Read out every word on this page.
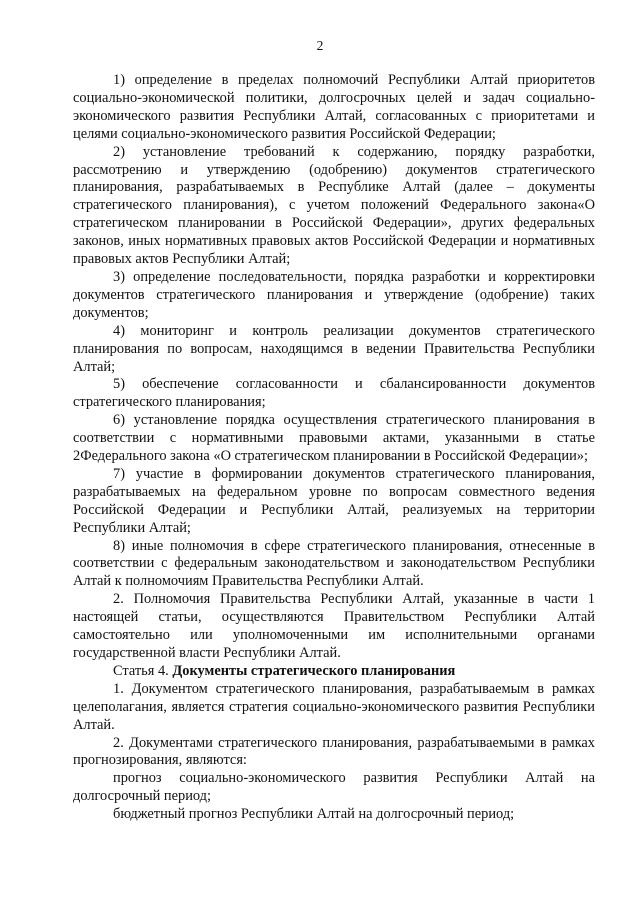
2

1) определение в пределах полномочий Республики Алтай приоритетов социально-экономической политики, долгосрочных целей и задач социально-экономического развития Республики Алтай, согласованных с приоритетами и целями социально-экономического развития Российской Федерации;

2) установление требований к содержанию, порядку разработки, рассмотрению и утверждению (одобрению) документов стратегического планирования, разрабатываемых в Республике Алтай (далее – документы стратегического планирования), с учетом положений Федерального закона«О стратегическом планировании в Российской Федерации», других федеральных законов, иных нормативных правовых актов Российской Федерации и нормативных правовых актов Республики Алтай;

3) определение последовательности, порядка разработки и корректировки документов стратегического планирования и утверждение (одобрение) таких документов;

4) мониторинг и контроль реализации документов стратегического планирования по вопросам, находящимся в ведении Правительства Республики Алтай;

5) обеспечение согласованности и сбалансированности документов стратегического планирования;

6) установление порядка осуществления стратегического планирования в соответствии с нормативными правовыми актами, указанными в статье 2Федерального закона «О стратегическом планировании в Российской Федерации»;

7) участие в формировании документов стратегического планирования, разрабатываемых на федеральном уровне по вопросам совместного ведения Российской Федерации и Республики Алтай, реализуемых на территории Республики Алтай;

8) иные полномочия в сфере стратегического планирования, отнесенные в соответствии с федеральным законодательством и законодательством Республики Алтай к полномочиям Правительства Республики Алтай.

2. Полномочия Правительства Республики Алтай, указанные в части 1 настоящей статьи, осуществляются Правительством Республики Алтай самостоятельно или уполномоченными им исполнительными органами государственной власти Республики Алтай.

Статья 4. Документы стратегического планирования

1. Документом стратегического планирования, разрабатываемым в рамках целеполагания, является стратегия социально-экономического развития Республики Алтай.

2. Документами стратегического планирования, разрабатываемыми в рамках прогнозирования, являются:

прогноз социально-экономического развития Республики Алтай на долгосрочный период;

бюджетный прогноз Республики Алтай на долгосрочный период;
